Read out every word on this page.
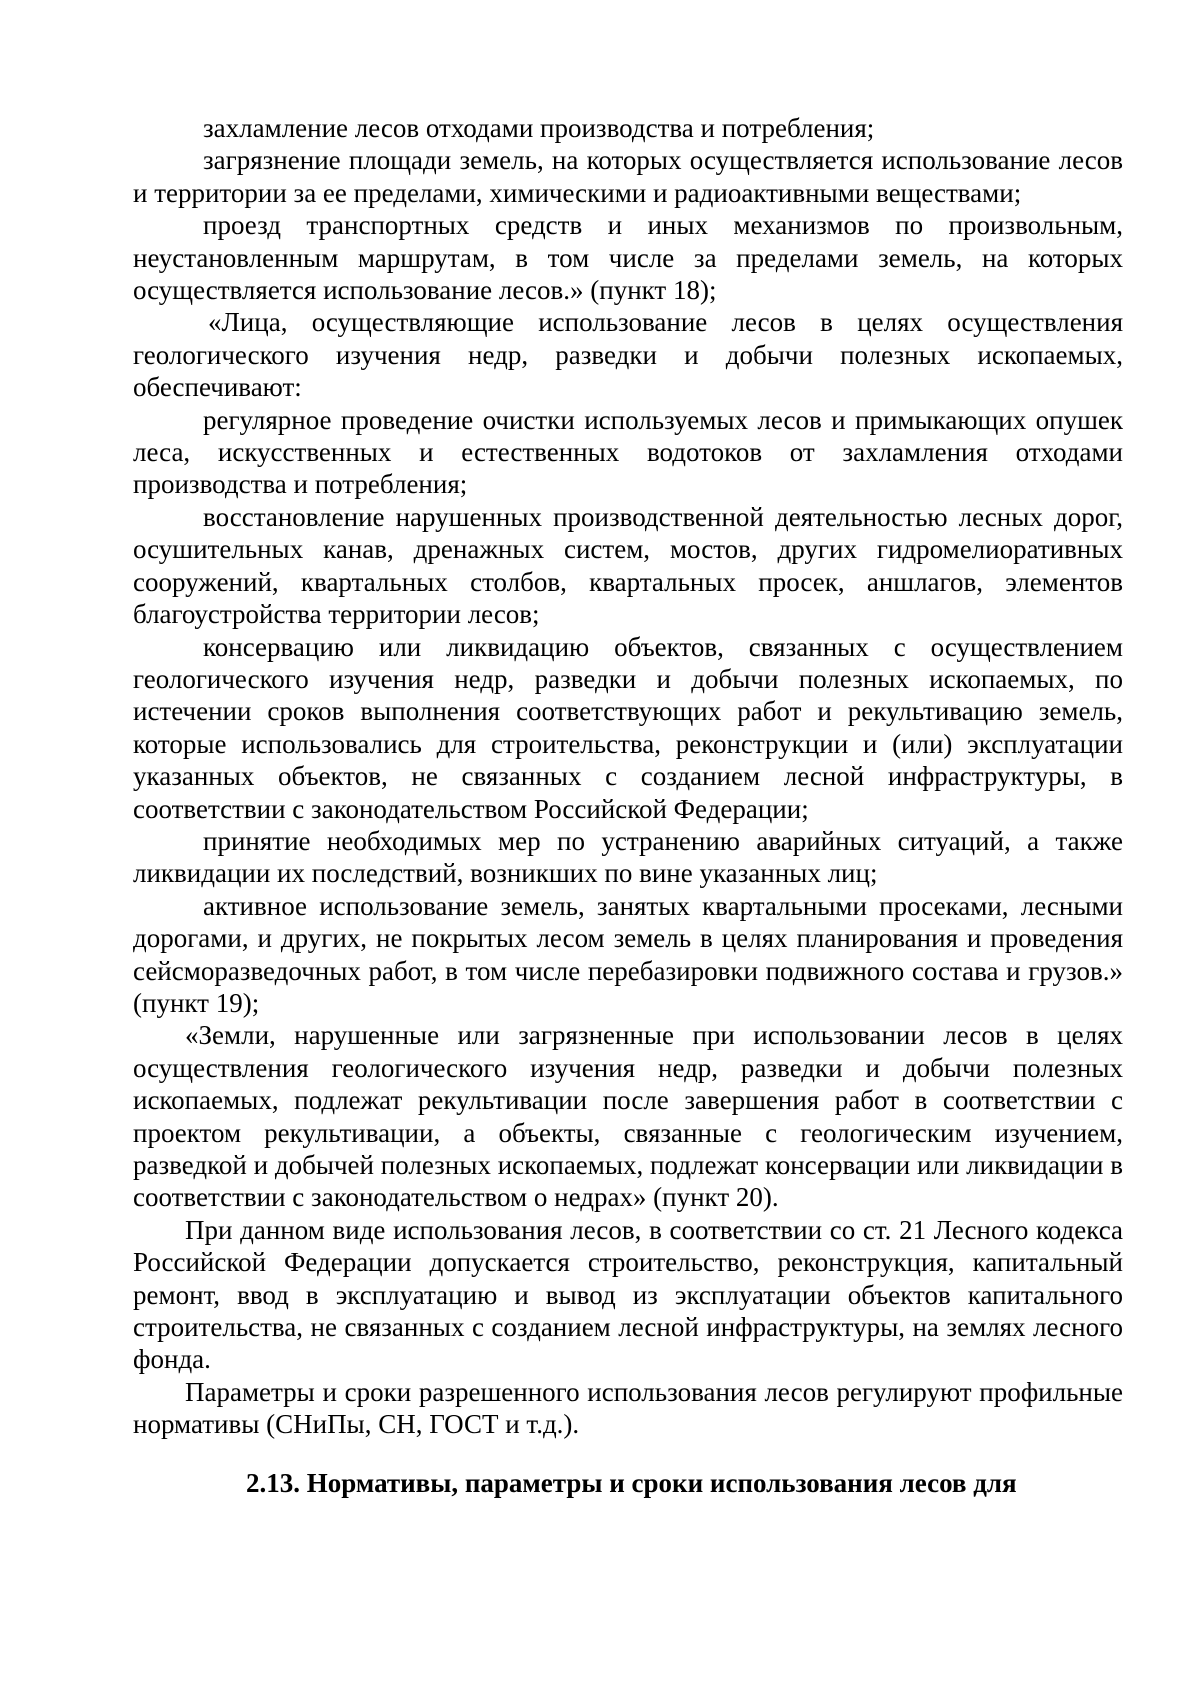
захламление лесов отходами производства и потребления;

загрязнение площади земель, на которых осуществляется использование лесов и территории за ее пределами, химическими и радиоактивными веществами;

проезд транспортных средств и иных механизмов по произвольным, неустановленным маршрутам, в том числе за пределами земель, на которых осуществляется использование лесов.» (пункт 18);

«Лица, осуществляющие использование лесов в целях осуществления геологического изучения недр, разведки и добычи полезных ископаемых, обеспечивают:

регулярное проведение очистки используемых лесов и примыкающих опушек леса, искусственных и естественных водотоков от захламления отходами производства и потребления;

восстановление нарушенных производственной деятельностью лесных дорог, осушительных канав, дренажных систем, мостов, других гидромелиоративных сооружений, квартальных столбов, квартальных просек, аншлагов, элементов благоустройства территории лесов;

консервацию или ликвидацию объектов, связанных с осуществлением геологического изучения недр, разведки и добычи полезных ископаемых, по истечении сроков выполнения соответствующих работ и рекультивацию земель, которые использовались для строительства, реконструкции и (или) эксплуатации указанных объектов, не связанных с созданием лесной инфраструктуры, в соответствии с законодательством Российской Федерации;

принятие необходимых мер по устранению аварийных ситуаций, а также ликвидации их последствий, возникших по вине указанных лиц;

активное использование земель, занятых квартальными просеками, лесными дорогами, и других, не покрытых лесом земель в целях планирования и проведения сейсморазведочных работ, в том числе перебазировки подвижного состава и грузов.» (пункт 19);

«Земли, нарушенные или загрязненные при использовании лесов в целях осуществления геологического изучения недр, разведки и добычи полезных ископаемых, подлежат рекультивации после завершения работ в соответствии с проектом рекультивации, а объекты, связанные с геологическим изучением, разведкой и добычей полезных ископаемых, подлежат консервации или ликвидации в соответствии с законодательством о недрах» (пункт 20).

При данном виде использования лесов, в соответствии со ст. 21 Лесного кодекса Российской Федерации допускается строительство, реконструкция, капитальный ремонт, ввод в эксплуатацию и вывод из эксплуатации объектов капитального строительства, не связанных с созданием лесной инфраструктуры, на землях лесного фонда.

Параметры и сроки разрешенного использования лесов регулируют профильные нормативы (СНиПы, СН, ГОСТ и т.д.).

2.13. Нормативы, параметры и сроки использования лесов для
